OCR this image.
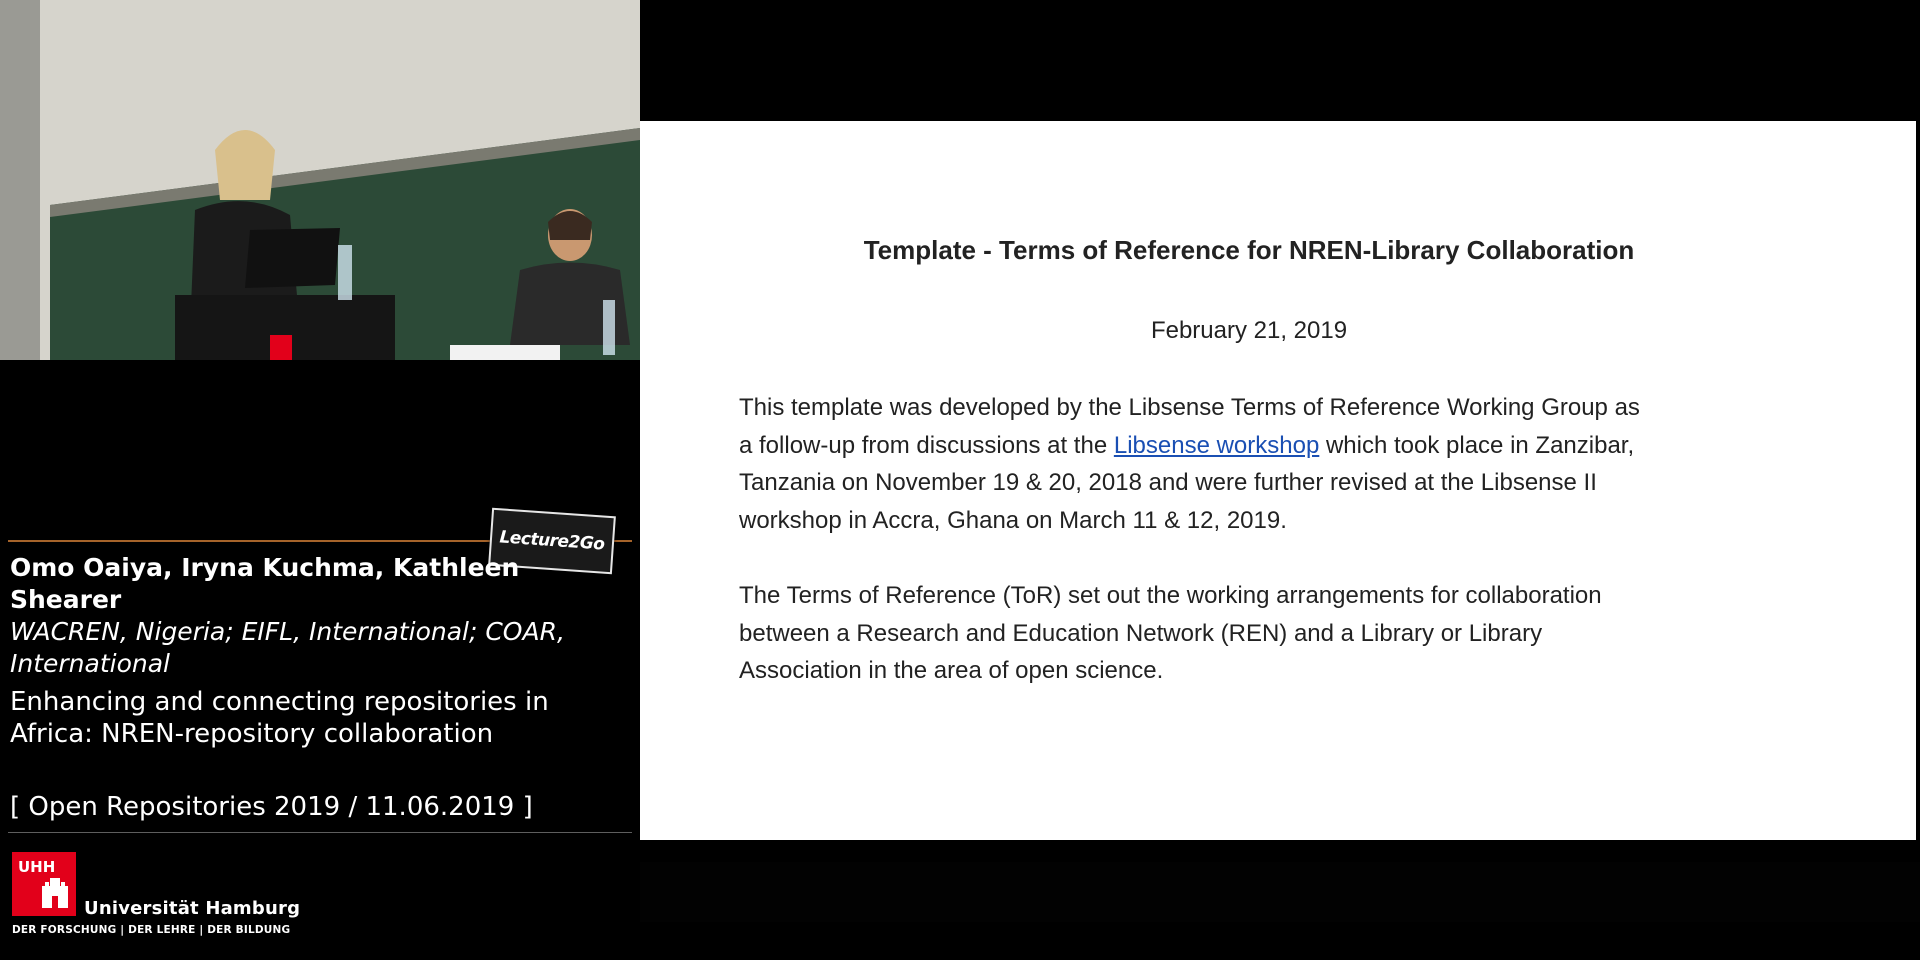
Lecture2Go

Omo Oaiya, Iryna Kuchma, Kathleen
Shearer

WACREN, Nigeria; EIFL, International; COAR,
International

Enhancing and connecting repositories in
Africa: NREN-repository collaboration

[ Open Repositories 2019 / 11.06.2019 ]

UHH
Universität Hamburg
DER FORSCHUNG | DER LEHRE | DER BILDUNG

Template - Terms of Reference for NREN-Library Collaboration

February 21, 2019

This template was developed by the Libsense Terms of Reference Working Group as
a follow-up from discussions at the Libsense workshop which took place in Zanzibar,
Tanzania on November 19 & 20, 2018 and were further revised at the Libsense II
workshop in Accra, Ghana on March 11 & 12, 2019.

The Terms of Reference (ToR) set out the working arrangements for collaboration
between a Research and Education Network (REN) and a Library or Library
Association in the area of open science.
